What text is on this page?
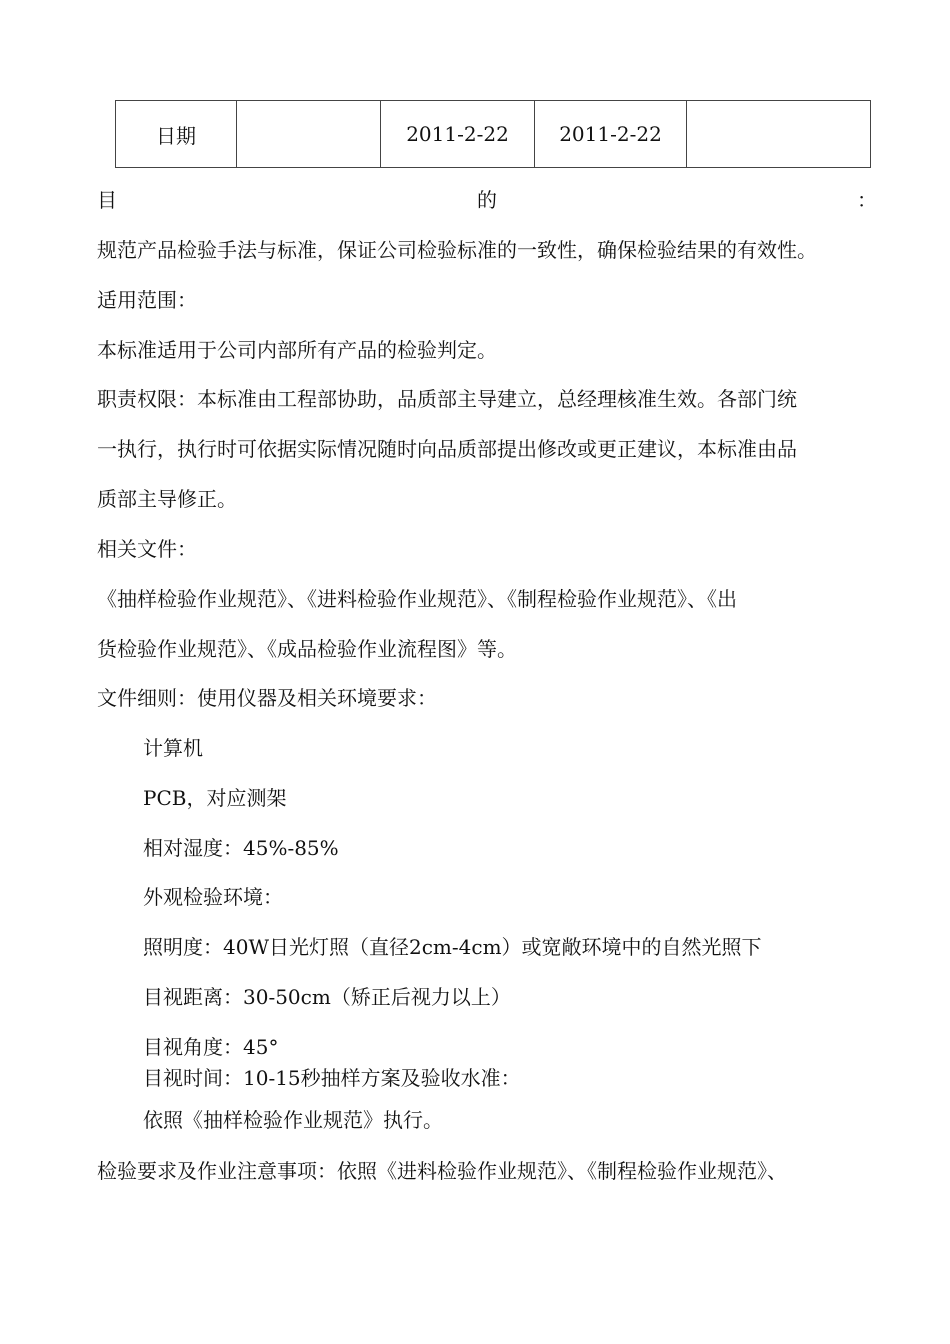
日期		2011-2-22	2011-2-22	
目	的	：
规范产品检验手法与标准，保证公司检验标准的一致性，确保检验结果的有效性。
适用范围：
本标准适用于公司内部所有产品的检验判定。
职责权限：本标准由工程部协助，品质部主导建立，总经理核准生效。各部门统
一执行，执行时可依据实际情况随时向品质部提出修改或更正建议，本标准由品
质部主导修正。
相关文件：
《抽样检验作业规范》、《进料检验作业规范》、《制程检验作业规范》、《出
货检验作业规范》、《成品检验作业流程图》等。
文件细则：使用仪器及相关环境要求：
计算机
PCB，对应测架
相对湿度：45%-85%
外观检验环境：
照明度：40W日光灯照（直径2cm-4cm）或宽敞环境中的自然光照下
目视距离：30-50cm（矫正后视力以上）
目视角度：45°
目视时间：10-15秒抽样方案及验收水准：
依照《抽样检验作业规范》执行。
检验要求及作业注意事项：依照《进料检验作业规范》、《制程检验作业规范》、
